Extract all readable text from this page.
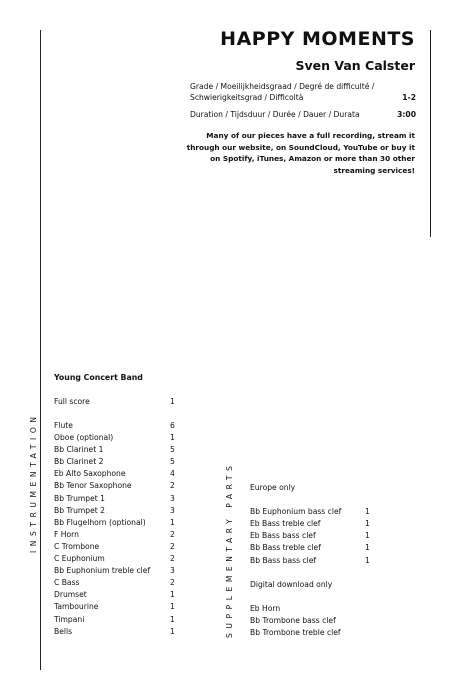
HAPPY MOMENTS
Sven Van Calster
Grade / Moeilijkheidsgraad / Degré de difficulté /
Schwierigkeitsgrad / Difficoltà	1-2
Duration / Tijdsduur / Durée / Dauer / Durata	3:00
Many of our pieces have a full recording, stream it through our website, on SoundCloud, YouTube or buy it on Spotify, iTunes, Amazon or more than 30 other streaming services!
INSTRUMENTATION	SUPPLEMENTARY PARTS
Young Concert Band
Full score	1
Flute	6
Oboe (optional)	1
Bb Clarinet 1	5
Bb Clarinet 2	5
Eb Alto Saxophone	4
Bb Tenor Saxophone	2
Bb Trumpet 1	3
Bb Trumpet 2	3
Bb Flugelhorn (optional)	1
F Horn	2
C Trombone	2
C Euphonium	2
Bb Euphonium treble clef	3
C Bass	2
Drumset	1
Tambourine	1
Timpani	1
Bells	1
Europe only
Bb Euphonium bass clef	1
Eb Bass treble clef	1
Eb Bass bass clef	1
Bb Bass treble clef	1
Bb Bass bass clef	1
Digital download only
Eb Horn
Bb Trombone bass clef
Bb Trombone treble clef
